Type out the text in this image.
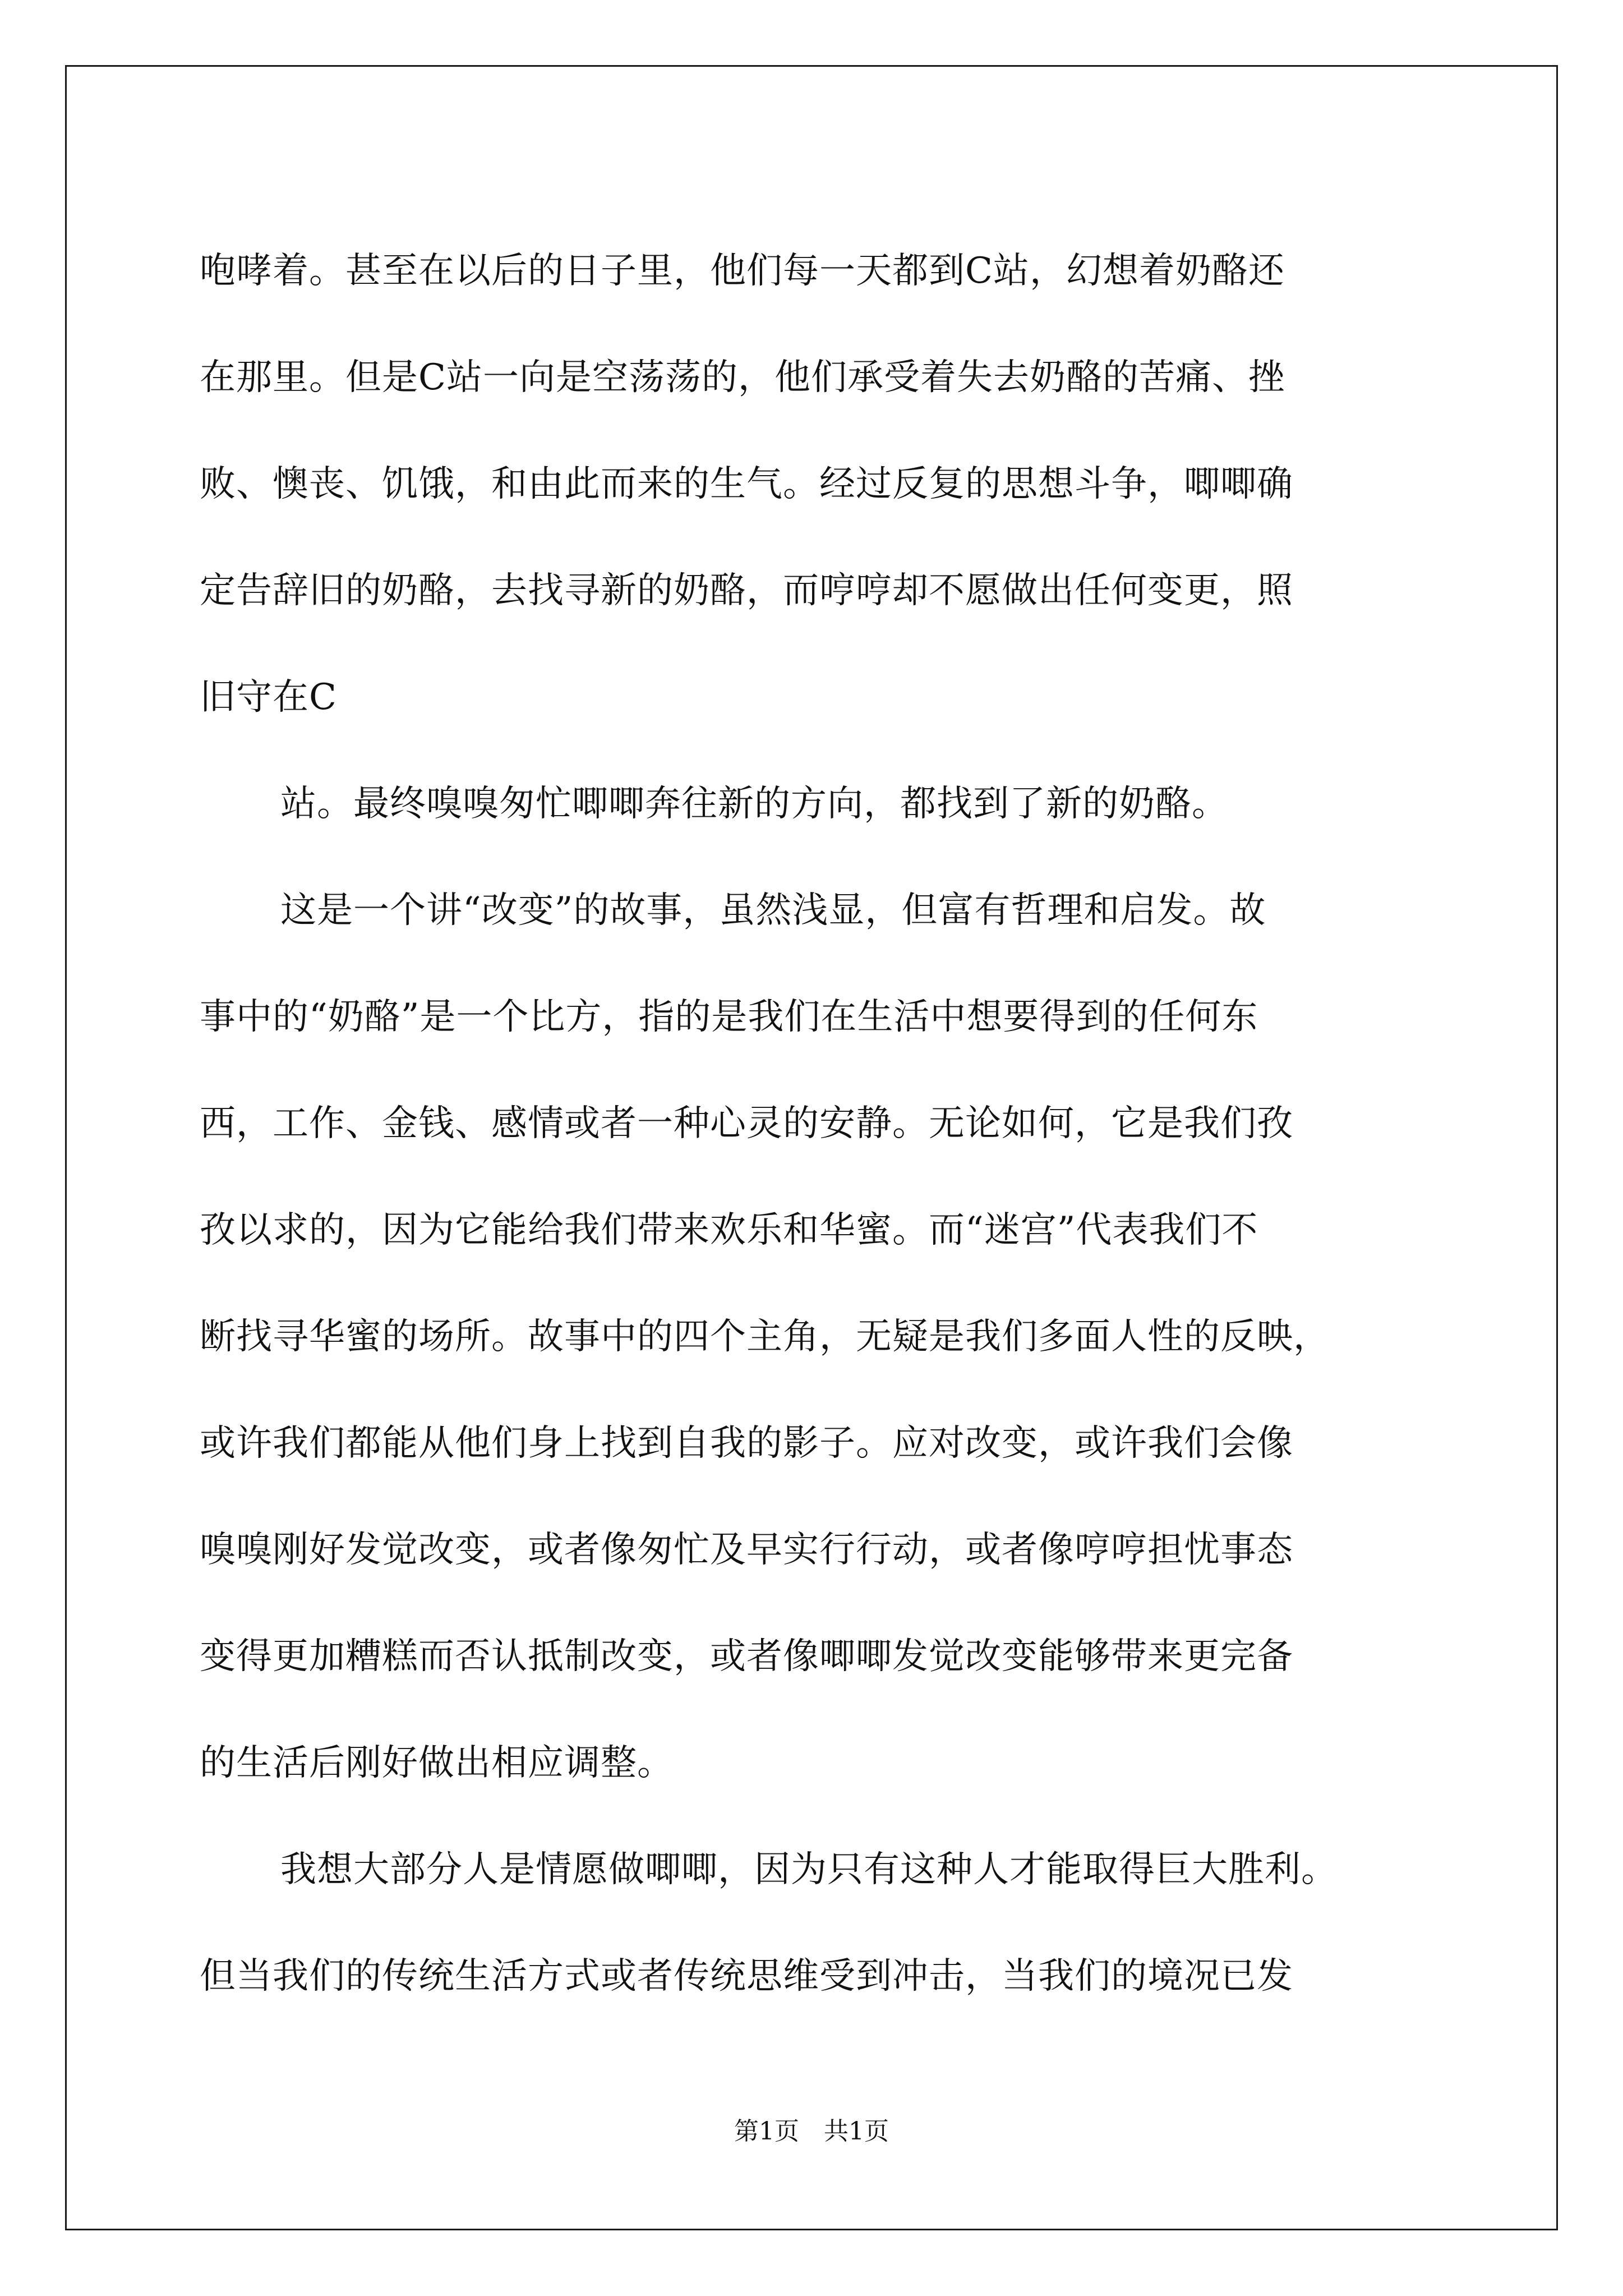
咆哮着。甚至在以后的日子里，他们每一天都到C站，幻想着奶酪还
在那里。但是C站一向是空荡荡的，他们承受着失去奶酪的苦痛、挫
败、懊丧、饥饿，和由此而来的生气。经过反复的思想斗争，唧唧确
定告辞旧的奶酪，去找寻新的奶酪，而哼哼却不愿做出任何变更，照
旧守在C
站。最终嗅嗅匆忙唧唧奔往新的方向，都找到了新的奶酪。
这是一个讲“改变”的故事，虽然浅显，但富有哲理和启发。故
事中的“奶酪”是一个比方，指的是我们在生活中想要得到的任何东
西，工作、金钱、感情或者一种心灵的安静。无论如何，它是我们孜
孜以求的，因为它能给我们带来欢乐和华蜜。而“迷宫”代表我们不
断找寻华蜜的场所。故事中的四个主角，无疑是我们多面人性的反映，
或许我们都能从他们身上找到自我的影子。应对改变，或许我们会像
嗅嗅刚好发觉改变，或者像匆忙及早实行行动，或者像哼哼担忧事态
变得更加糟糕而否认抵制改变，或者像唧唧发觉改变能够带来更完备
的生活后刚好做出相应调整。
我想大部分人是情愿做唧唧，因为只有这种人才能取得巨大胜利。
但当我们的传统生活方式或者传统思维受到冲击，当我们的境况已发
第1页　共1页
